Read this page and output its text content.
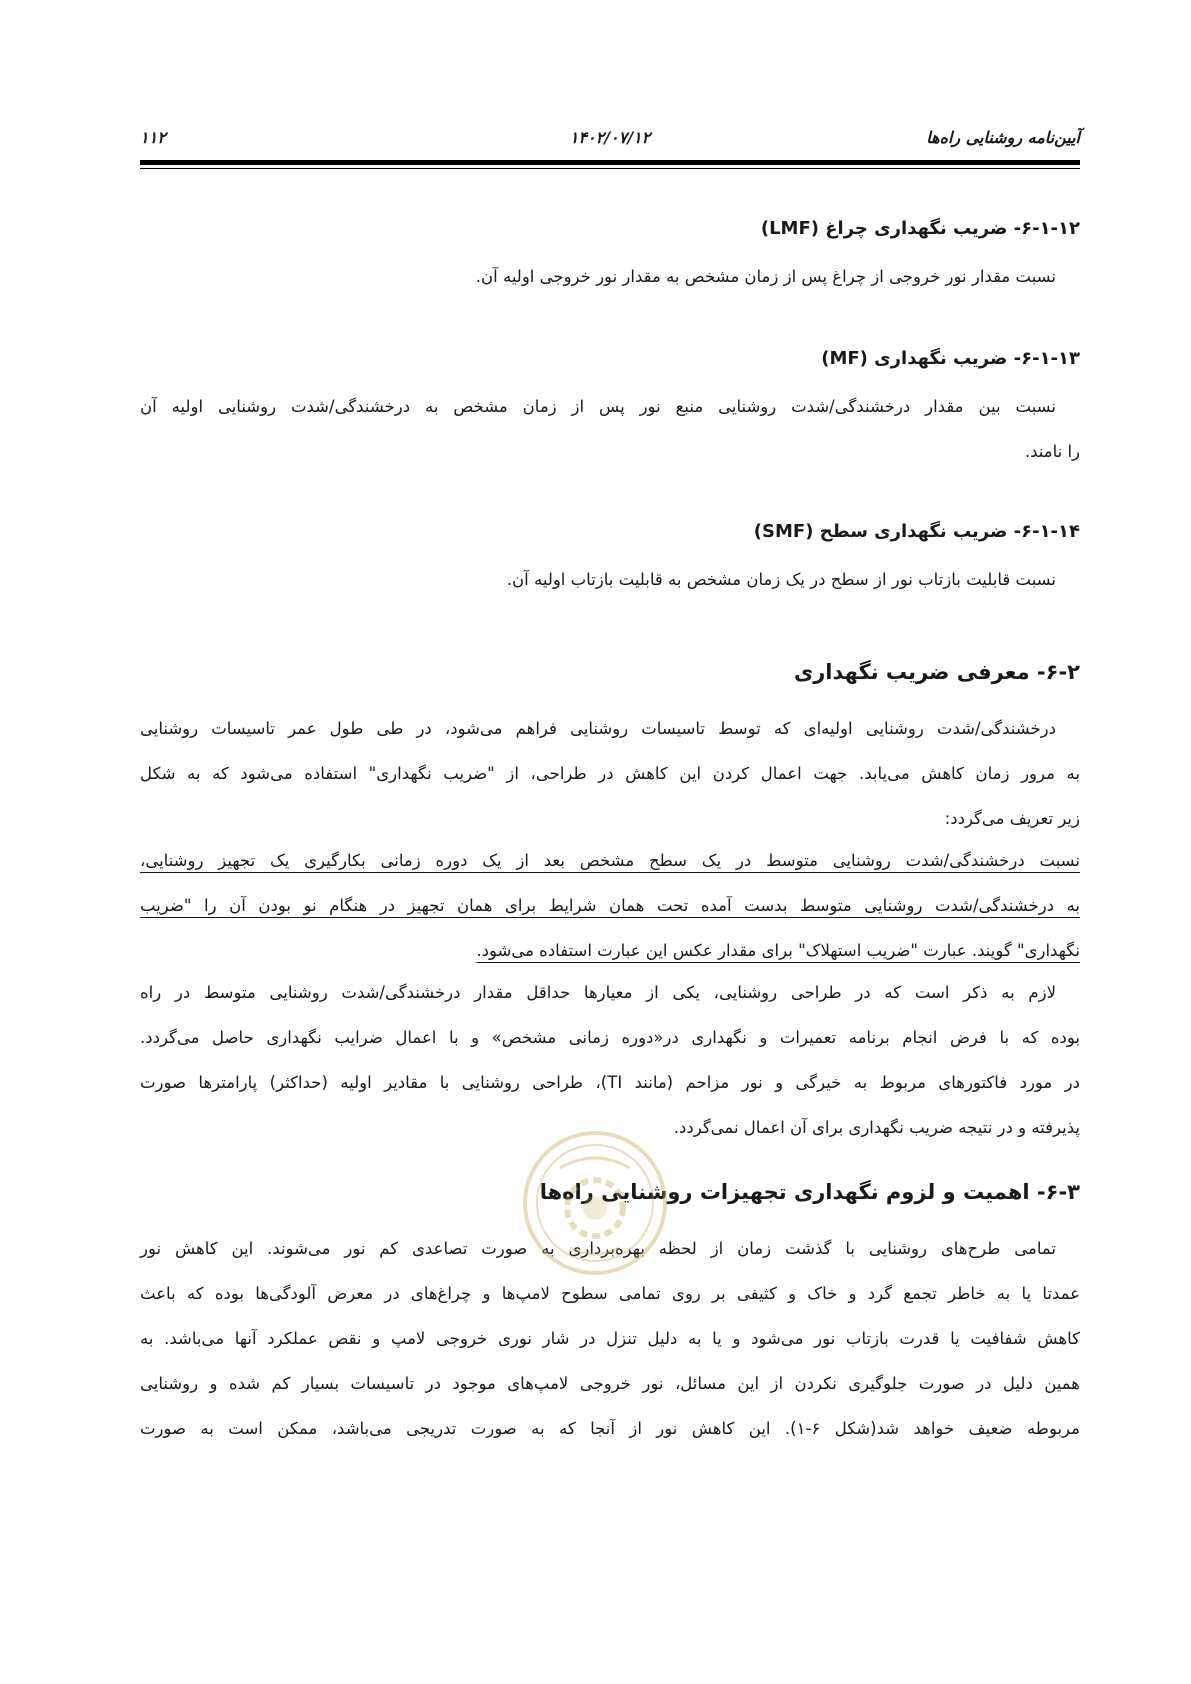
آیین‌نامه روشنایی راه‌ها
۱۴۰۲/۰۷/۱۲
۱۱۲
۶-۱-۱۲- ضریب نگهداری چراغ (LMF)
نسبت مقدار نور خروجی از چراغ پس از زمان مشخص به مقدار نور خروجی اولیه آن.
۶-۱-۱۳- ضریب نگهداری (MF)
نسبت بین مقدار درخشندگی/شدت روشنایی منبع نور پس از زمان مشخص به درخشندگی/شدت روشنایی اولیه آن
را نامند.
۶-۱-۱۴- ضریب نگهداری سطح (SMF)
نسبت قابلیت بازتاب نور از سطح در یک زمان مشخص به قابلیت بازتاب اولیه آن.
۶-۲- معرفی ضریب نگهداری
درخشندگی/شدت روشنایی اولیه‌ای که توسط تاسیسات روشنایی فراهم می‌شود، در طی طول عمر تاسیسات روشنایی
به مرور زمان کاهش می‌یابد. جهت اعمال کردن این کاهش در طراحی، از "ضریب نگهداری" استفاده می‌شود که به شکل
زیر تعریف می‌گردد:
نسبت درخشندگی/شدت روشنایی متوسط در یک سطح مشخص بعد از یک دوره زمانی بکارگیری یک تجهیز روشنایی،
به درخشندگی/شدت روشنایی متوسط بدست آمده تحت همان شرایط برای همان تجهیز در هنگام نو بودن آن را "ضریب
نگهداری" گویند. عبارت "ضریب استهلاک" برای مقدار عکس این عبارت استفاده می‌شود.
لازم به ذکر است که در طراحی روشنایی، یکی از معیارها حداقل مقدار درخشندگی/شدت روشنایی متوسط در راه
بوده که با فرض انجام برنامه تعمیرات و نگهداری در«دوره زمانی مشخص» و با اعمال ضرایب نگهداری حاصل می‌گردد.
در مورد فاکتورهای مربوط به خیرگی و نور مزاحم (مانند TI)، طراحی روشنایی با مقادیر اولیه (حداکثر) پارامترها صورت
پذیرفته و در نتیجه ضریب نگهداری برای آن اعمال نمی‌گردد.
۶-۳- اهمیت و لزوم نگهداری تجهیزات روشنایی راه‌ها
تمامی طرح‌های روشنایی با گذشت زمان از لحظه بهره‌برداری به صورت تصاعدی کم نور می‌شوند. این کاهش نور
عمدتا یا به خاطر تجمع گرد و خاک و کثیفی بر روی تمامی سطوح لامپ‌ها و چراغ‌های در معرض آلودگی‌ها بوده که باعث
کاهش شفافیت یا قدرت بازتاب نور می‌شود و یا به دلیل تنزل در شار نوری خروجی لامپ و نقص عملکرد آنها می‌باشد. به
همین دلیل در صورت جلوگیری نکردن از این مسائل، نور خروجی لامپ‌های موجود در تاسیسات بسیار کم شده و روشنایی
مربوطه ضعیف خواهد شد(شکل ۶-۱). این کاهش نور از آنجا که به صورت تدریجی می‌باشد، ممکن است به صورت
